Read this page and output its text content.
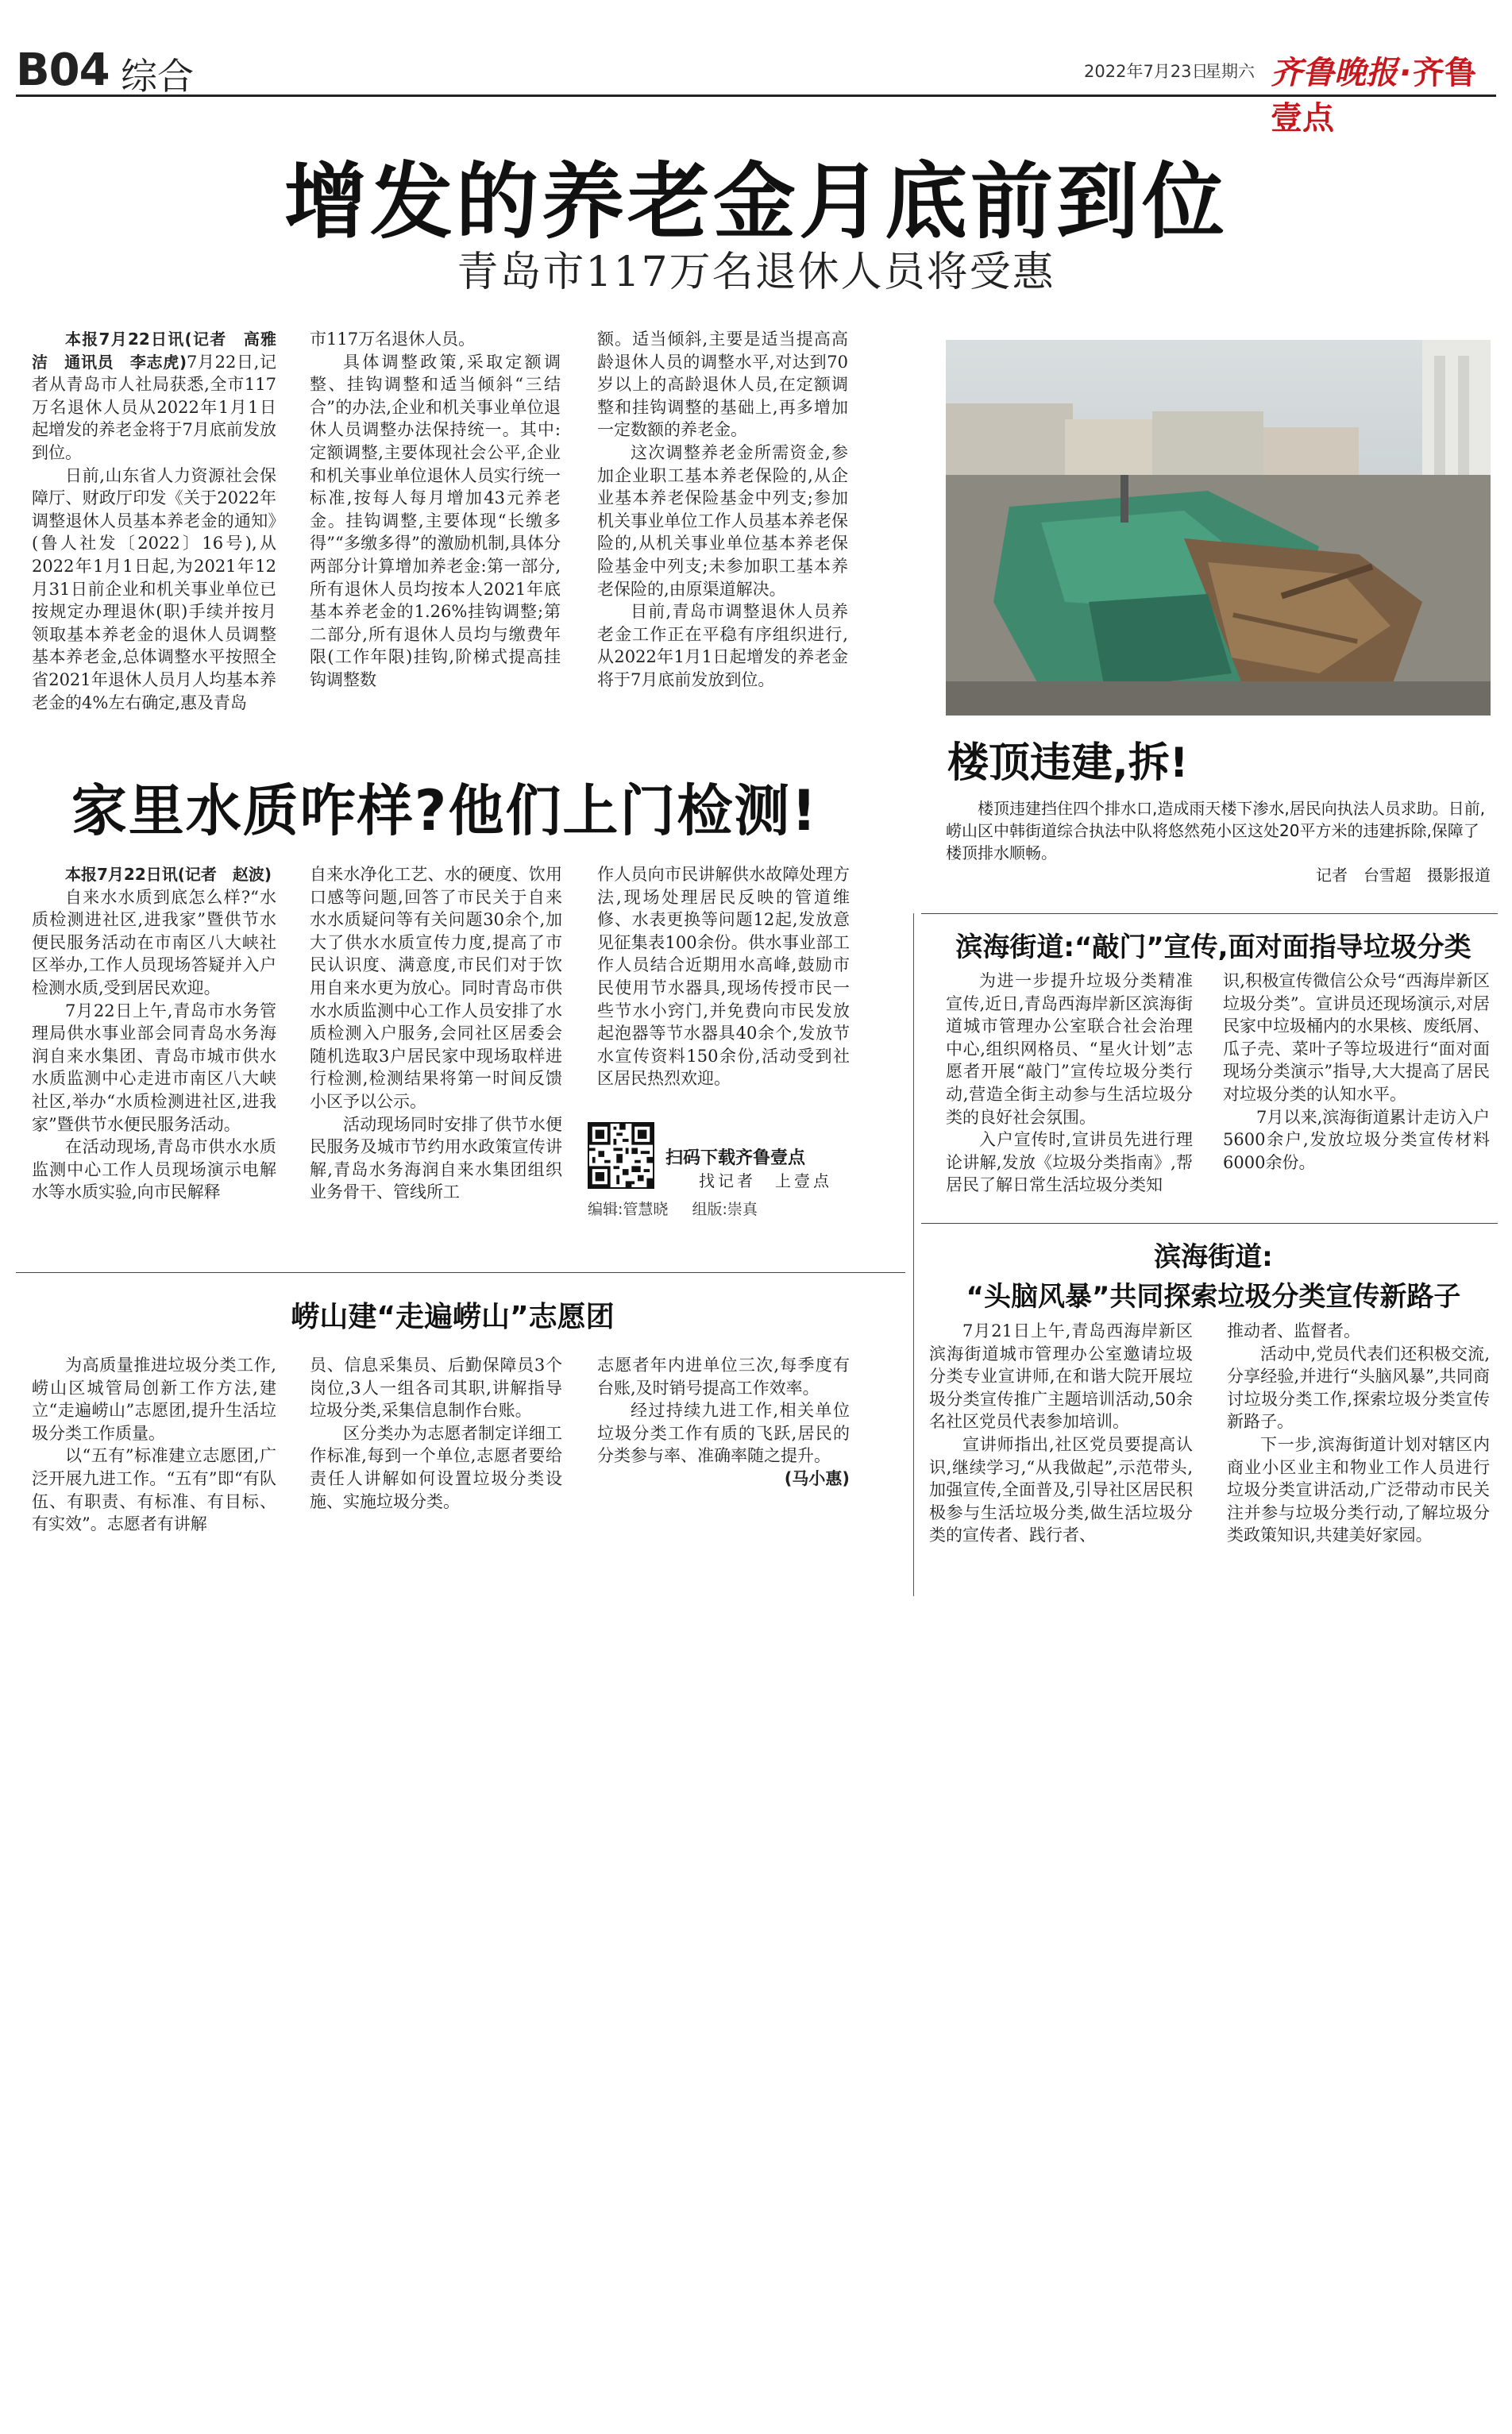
B04 综合	2022年7月23日
星期六 齐鲁晚报·齐鲁壹点
增发的养老金月底前到位
青岛市117万名退休人员将受惠

本报7月22日讯(记者　高雅洁　通讯员　李志虎)7月22日,记者从青岛市人社局获悉,全市117万名退休人员从2022年1月1日起增发的养老金将于7月底前发放到位。

日前,山东省人力资源社会保障厅、财政厅印发《关于2022年调整退休人员基本养老金的通知》(鲁人社发〔2022〕16号),从2022年1月1日起,为2021年12月31日前企业和机关事业单位已按规定办理退休(职)手续并按月领取基本养老金的退休人员调整基本养老金,总体调整水平按照全省2021年退休人员月人均基本养老金的4%左右确定,惠及青岛

市117万名退休人员。

具体调整政策,采取定额调整、挂钩调整和适当倾斜“三结合”的办法,企业和机关事业单位退休人员调整办法保持统一。其中:定额调整,主要体现社会公平,企业和机关事业单位退休人员实行统一标准,按每人每月增加43元养老金。挂钩调整,主要体现“长缴多得”“多缴多得”的激励机制,具体分两部分计算增加养老金:第一部分,所有退休人员均按本人2021年底基本养老金的1.26%挂钩调整;第二部分,所有退休人员均与缴费年限(工作年限)挂钩,阶梯式提高挂钩调整数

额。适当倾斜,主要是适当提高高龄退休人员的调整水平,对达到70岁以上的高龄退休人员,在定额调整和挂钩调整的基础上,再多增加一定数额的养老金。

这次调整养老金所需资金,参加企业职工基本养老保险的,从企业基本养老保险基金中列支;参加机关事业单位工作人员基本养老保险的,从机关事业单位基本养老保险基金中列支;未参加职工基本养老保险的,由原渠道解决。

目前,青岛市调整退休人员养老金工作正在平稳有序组织进行,从2022年1月1日起增发的养老金将于7月底前发放到位。

楼顶违建,拆!

楼顶违建挡住四个排水口,造成雨天楼下渗水,居民向执法人员求助。日前,崂山区中韩街道综合执法中队将悠然苑小区这处20平方米的违建拆除,保障了楼顶排水顺畅。

记者　台雪超　摄影报道
家里水质咋样?他们上门检测!

本报7月22日讯(记者　赵波)

自来水水质到底怎么样?“水质检测进社区,进我家”暨供节水便民服务活动在市南区八大峡社区举办,工作人员现场答疑并入户检测水质,受到居民欢迎。

7月22日上午,青岛市水务管理局供水事业部会同青岛水务海润自来水集团、青岛市城市供水水质监测中心走进市南区八大峡社区,举办“水质检测进社区,进我家”暨供节水便民服务活动。

在活动现场,青岛市供水水质监测中心工作人员现场演示电解水等水质实验,向市民解释

自来水净化工艺、水的硬度、饮用口感等问题,回答了市民关于自来水水质疑问等有关问题30余个,加大了供水水质宣传力度,提高了市民认识度、满意度,市民们对于饮用自来水更为放心。同时青岛市供水水质监测中心工作人员安排了水质检测入户服务,会同社区居委会随机选取3户居民家中现场取样进行检测,检测结果将第一时间反馈小区予以公示。

活动现场同时安排了供节水便民服务及城市节约用水政策宣传讲解,青岛水务海润自来水集团组织业务骨干、管线所工

作人员向市民讲解供水故障处理方法,现场处理居民反映的管道维修、水表更换等问题12起,发放意见征集表100余份。供水事业部工作人员结合近期用水高峰,鼓励市民使用节水器具,现场传授市民一些节水小窍门,并免费向市民发放起泡器等节水器具40余个,发放节水宣传资料150余份,活动受到社区居民热烈欢迎。

扫码下载齐鲁壹点
找记者　上壹点
编辑:管慧晓 组版:崇真
滨海街道:“敲门”宣传,面对面指导垃圾分类

为进一步提升垃圾分类精准宣传,近日,青岛西海岸新区滨海街道城市管理办公室联合社会治理中心,组织网格员、“星火计划”志愿者开展“敲门”宣传垃圾分类行动,营造全街主动参与生活垃圾分类的良好社会氛围。

入户宣传时,宣讲员先进行理论讲解,发放《垃圾分类指南》,帮居民了解日常生活垃圾分类知

识,积极宣传微信公众号“西海岸新区垃圾分类”。宣讲员还现场演示,对居民家中垃圾桶内的水果核、废纸屑、瓜子壳、菜叶子等垃圾进行“面对面现场分类演示”指导,大大提高了居民对垃圾分类的认知水平。

7月以来,滨海街道累计走访入户5600余户,发放垃圾分类宣传材料6000余份。

滨海街道:
“头脑风暴”共同探索垃圾分类宣传新路子

7月21日上午,青岛西海岸新区滨海街道城市管理办公室邀请垃圾分类专业宣讲师,在和谐大院开展垃圾分类宣传推广主题培训活动,50余名社区党员代表参加培训。

宣讲师指出,社区党员要提高认识,继续学习,“从我做起”,示范带头,加强宣传,全面普及,引导社区居民积极参与生活垃圾分类,做生活垃圾分类的宣传者、践行者、

推动者、监督者。

活动中,党员代表们还积极交流,分享经验,并进行“头脑风暴”,共同商讨垃圾分类工作,探索垃圾分类宣传新路子。

下一步,滨海街道计划对辖区内商业小区业主和物业工作人员进行垃圾分类宣讲活动,广泛带动市民关注并参与垃圾分类行动,了解垃圾分类政策知识,共建美好家园。

崂山建“走遍崂山”志愿团

为高质量推进垃圾分类工作,崂山区城管局创新工作方法,建立“走遍崂山”志愿团,提升生活垃圾分类工作质量。

以“五有”标准建立志愿团,广泛开展九进工作。“五有”即“有队伍、有职责、有标准、有目标、有实效”。志愿者有讲解

员、信息采集员、后勤保障员3个岗位,3人一组各司其职,讲解指导垃圾分类,采集信息制作台账。

区分类办为志愿者制定详细工作标准,每到一个单位,志愿者要给责任人讲解如何设置垃圾分类设施、实施垃圾分类。

志愿者年内进单位三次,每季度有台账,及时销号提高工作效率。

经过持续九进工作,相关单位垃圾分类工作有质的飞跃,居民的分类参与率、准确率随之提升。

(马小惠)
